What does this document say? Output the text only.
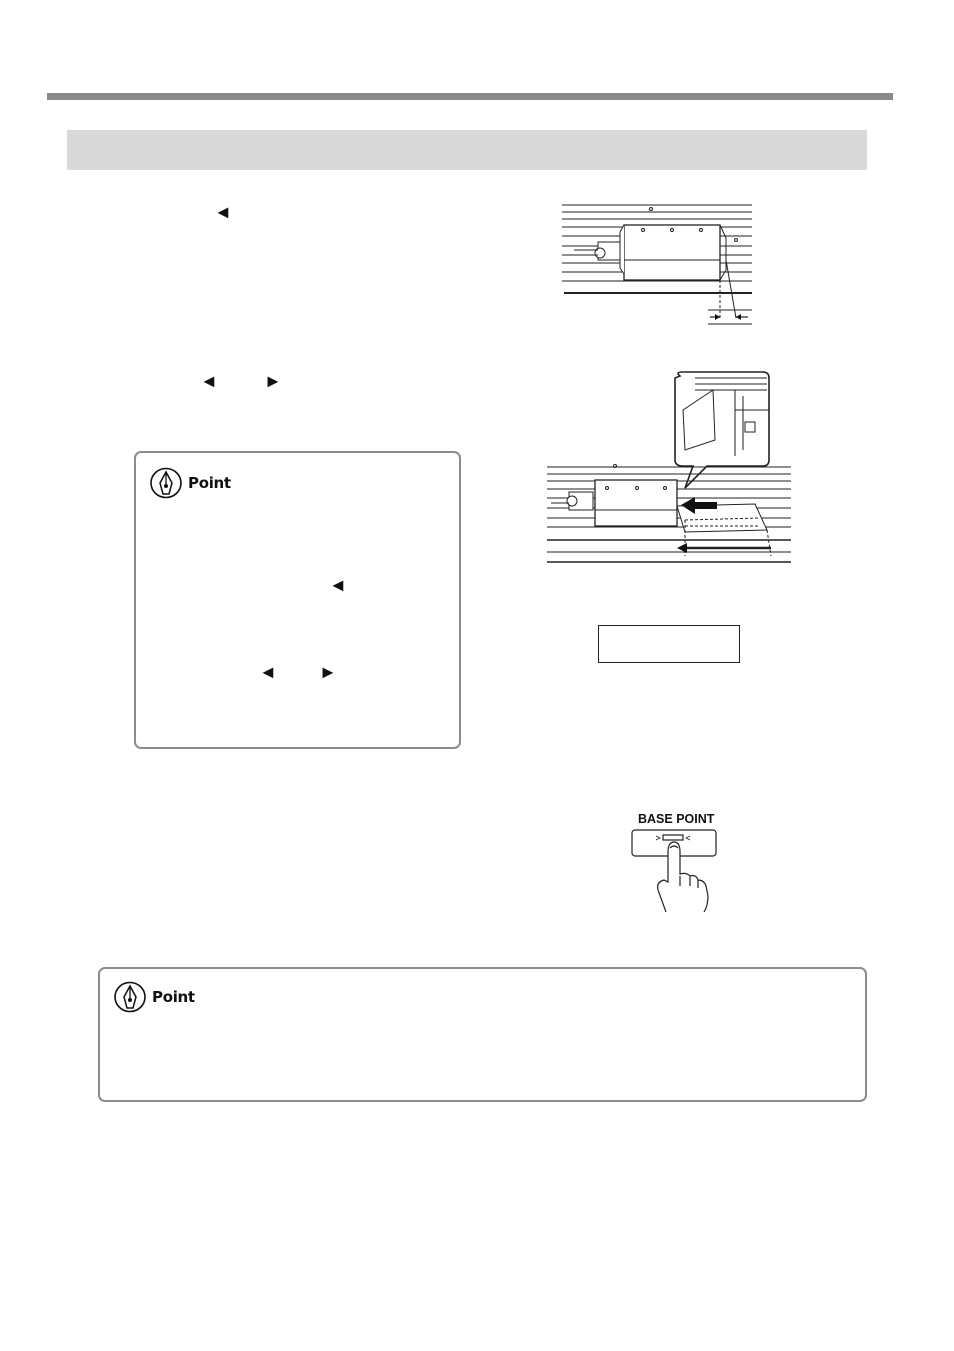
◄
◄	►
Point
◄
◄ ►
BASE POINT
Point
